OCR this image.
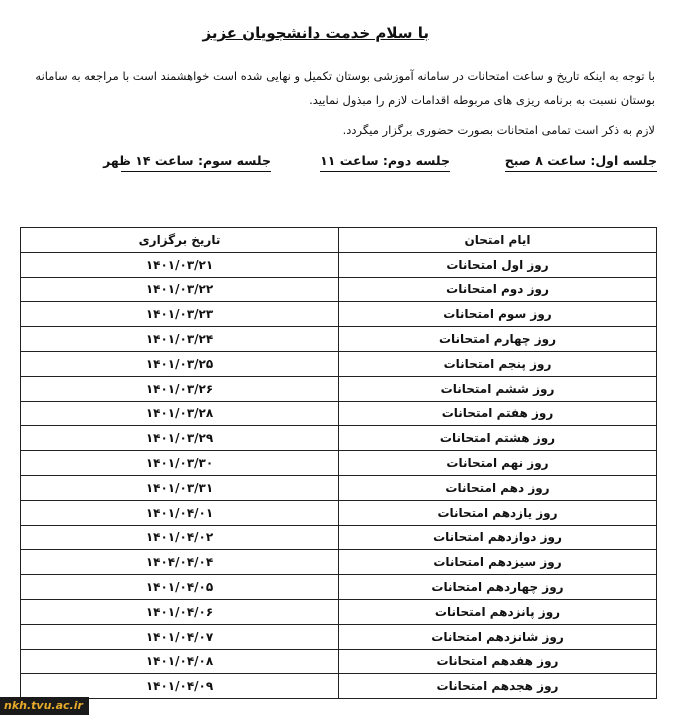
با سلام خدمت دانشجویان عزیز
با توجه به اینکه تاریخ و ساعت امتحانات در سامانه آموزشی بوستان تکمیل و نهایی شده است خواهشمند است با مراجعه به سامانه بوستان نسبت به برنامه ریزی های مربوطه اقدامات لازم را مبذول نمایید.
لازم به ذکر است تمامی امتحانات بصورت حضوری برگزار میگردد.
جلسه اول: ساعت ۸ صبح
جلسه دوم: ساعت ۱۱
جلسه سوم: ساعت ۱۴ ظهر
ایام امتحان	تاریخ برگزاری
روز اول امتحانات	۱۴۰۱/۰۳/۲۱
روز دوم امتحانات	۱۴۰۱/۰۳/۲۲
روز سوم امتحانات	۱۴۰۱/۰۳/۲۳
روز چهارم امتحانات	۱۴۰۱/۰۳/۲۴
روز پنجم امتحانات	۱۴۰۱/۰۳/۲۵
روز ششم امتحانات	۱۴۰۱/۰۳/۲۶
روز هفتم امتحانات	۱۴۰۱/۰۳/۲۸
روز هشتم امتحانات	۱۴۰۱/۰۳/۲۹
روز نهم امتحانات	۱۴۰۱/۰۳/۳۰
روز دهم امتحانات	۱۴۰۱/۰۳/۳۱
روز یازدهم امتحانات	۱۴۰۱/۰۴/۰۱
روز دوازدهم امتحانات	۱۴۰۱/۰۴/۰۲
روز سیزدهم امتحانات	۱۴۰۴/۰۴/۰۴
روز چهاردهم امتحانات	۱۴۰۱/۰۴/۰۵
روز پانزدهم امتحانات	۱۴۰۱/۰۴/۰۶
روز شانزدهم امتحانات	۱۴۰۱/۰۴/۰۷
روز هفدهم امتحانات	۱۴۰۱/۰۴/۰۸
روز هجدهم امتحانات	۱۴۰۱/۰۴/۰۹
nkh.tvu.ac.ir
